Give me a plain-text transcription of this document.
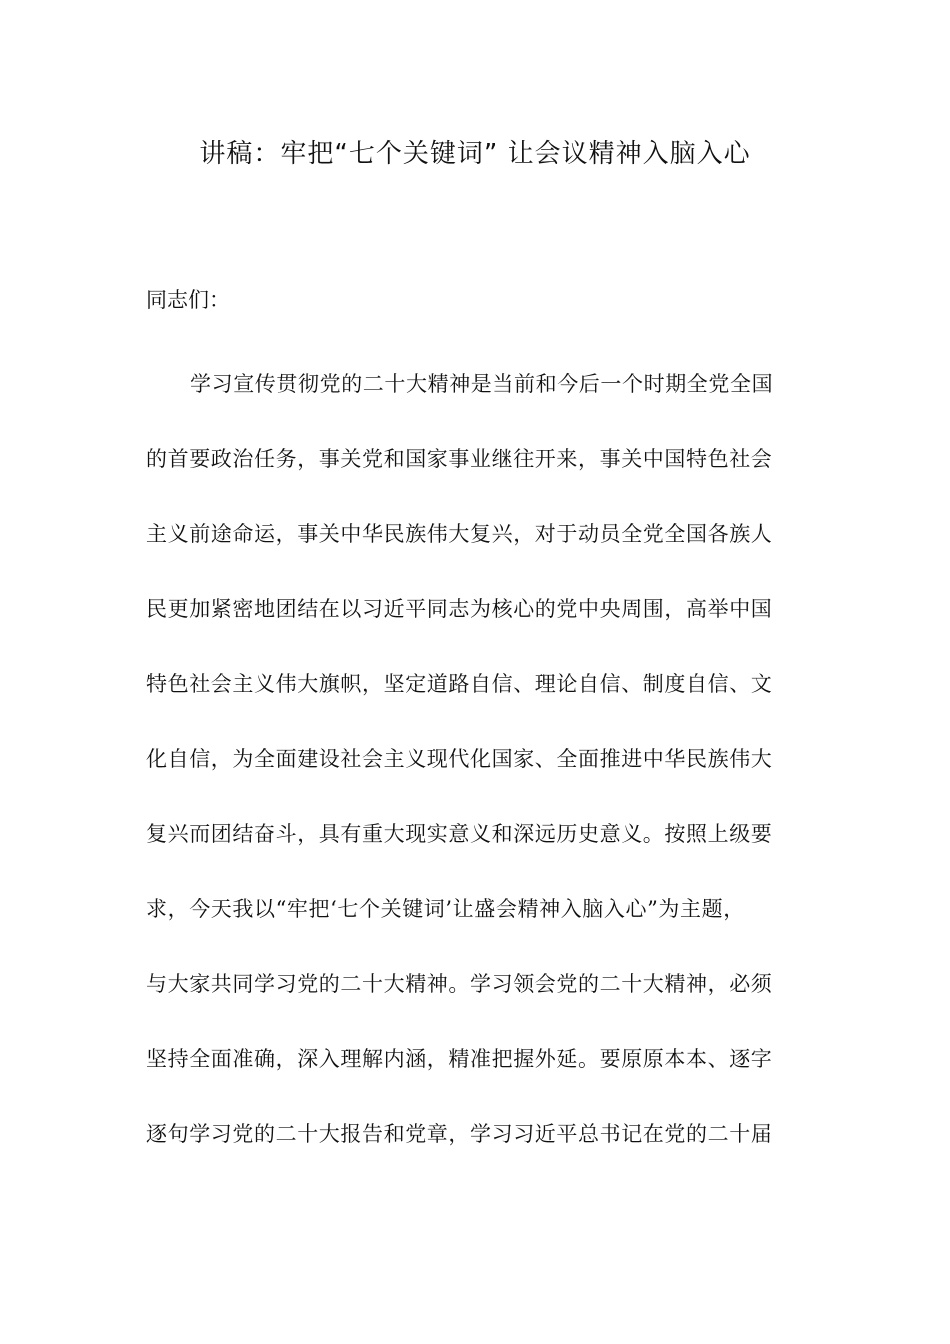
讲稿：牢把“七个关键词” 让会议精神入脑入心
同志们：
学习宣传贯彻党的二十大精神是当前和今后一个时期全党全国
的首要政治任务，事关党和国家事业继往开来，事关中国特色社会
主义前途命运，事关中华民族伟大复兴，对于动员全党全国各族人
民更加紧密地团结在以习近平同志为核心的党中央周围，高举中国
特色社会主义伟大旗帜，坚定道路自信、理论自信、制度自信、文
化自信，为全面建设社会主义现代化国家、全面推进中华民族伟大
复兴而团结奋斗，具有重大现实意义和深远历史意义。按照上级要
求，今天我以“牢把‘七个关键词’让盛会精神入脑入心”为主题，
与大家共同学习党的二十大精神。学习领会党的二十大精神，必须
坚持全面准确，深入理解内涵，精准把握外延。要原原本本、逐字
逐句学习党的二十大报告和党章，学习习近平总书记在党的二十届
